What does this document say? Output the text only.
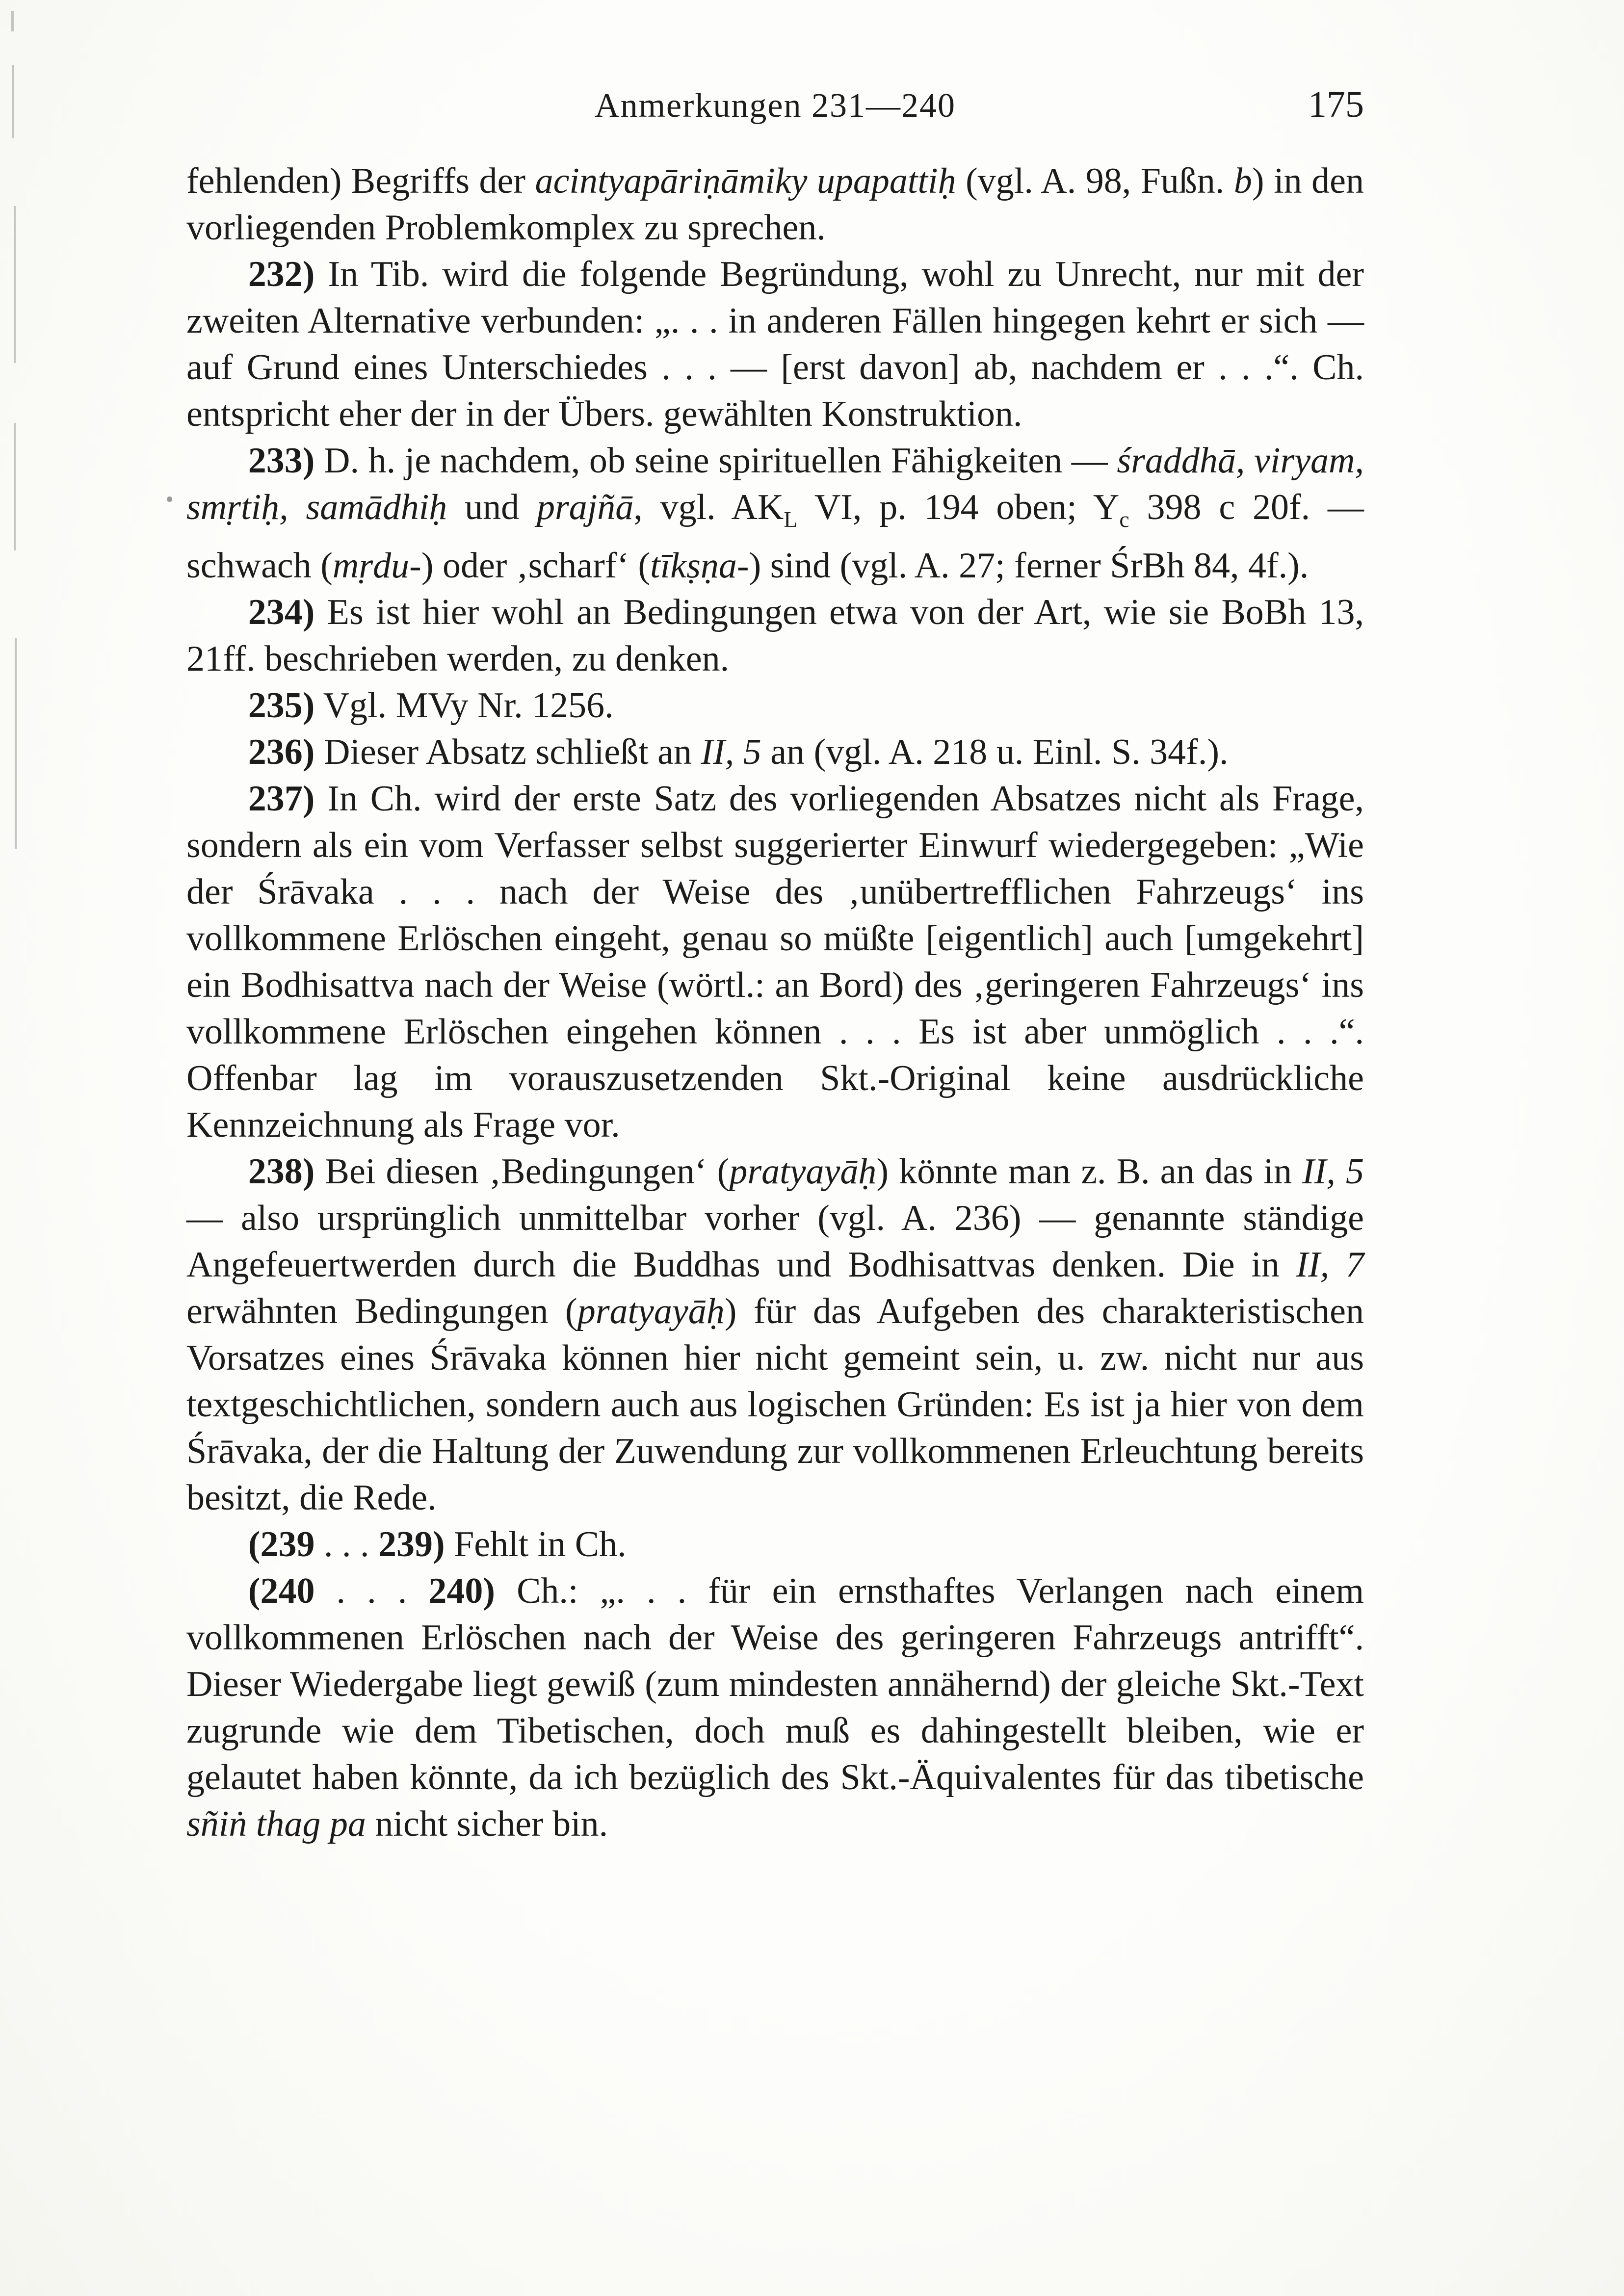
Anmerkungen 231—240	175

fehlenden) Begriffs der acintyapāriṇāmiky upapattiḥ (vgl. A. 98, Fußn. b) in den vorliegenden Problemkomplex zu sprechen.

232) In Tib. wird die folgende Begründung, wohl zu Unrecht, nur mit der zweiten Alternative verbunden: „. . . in anderen Fällen hingegen kehrt er sich — auf Grund eines Unterschiedes . . . — [erst davon] ab, nachdem er . . .“. Ch. entspricht eher der in der Übers. gewählten Konstruktion.

233) D. h. je nachdem, ob seine spirituellen Fähigkeiten — śraddhā, viryam, smṛtiḥ, samādhiḥ und prajñā, vgl. $AK_L$ VI, p. 194 oben; $Y_c$ 398 c 20f. — schwach (mṛdu-) oder ‚scharf‘ (tīkṣṇa-) sind (vgl. A. 27; ferner ŚrBh 84, 4f.).

234) Es ist hier wohl an Bedingungen etwa von der Art, wie sie BoBh 13, 21ff. beschrieben werden, zu denken.

235) Vgl. MVy Nr. 1256.

236) Dieser Absatz schließt an II, 5 an (vgl. A. 218 u. Einl. S. 34f.).

237) In Ch. wird der erste Satz des vorliegenden Absatzes nicht als Frage, sondern als ein vom Verfasser selbst suggerierter Einwurf wiedergegeben: „Wie der Śrāvaka . . . nach der Weise des ‚unübertrefflichen Fahrzeugs‘ ins vollkommene Erlöschen eingeht, genau so müßte [eigentlich] auch [umgekehrt] ein Bodhisattva nach der Weise (wörtl.: an Bord) des ‚geringeren Fahrzeugs‘ ins vollkommene Erlöschen eingehen können . . . Es ist aber unmöglich . . .“. Offenbar lag im vorauszusetzenden Skt.-Original keine ausdrückliche Kennzeichnung als Frage vor.

238) Bei diesen ‚Bedingungen‘ (pratyayāḥ) könnte man z. B. an das in II, 5 — also ursprünglich unmittelbar vorher (vgl. A. 236) — genannte ständige Angefeuertwerden durch die Buddhas und Bodhisattvas denken. Die in II, 7 erwähnten Bedingungen (pratyayāḥ) für das Aufgeben des charakteristischen Vorsatzes eines Śrāvaka können hier nicht gemeint sein, u. zw. nicht nur aus textgeschichtlichen, sondern auch aus logischen Gründen: Es ist ja hier von dem Śrāvaka, der die Haltung der Zuwendung zur vollkommenen Erleuchtung bereits besitzt, die Rede.

(239 . . . 239) Fehlt in Ch.

(240 . . . 240) Ch.: „. . . für ein ernsthaftes Verlangen nach einem vollkommenen Erlöschen nach der Weise des geringeren Fahrzeugs antrifft“. Dieser Wiedergabe liegt gewiß (zum mindesten annähernd) der gleiche Skt.-Text zugrunde wie dem Tibetischen, doch muß es dahingestellt bleiben, wie er gelautet haben könnte, da ich bezüglich des Skt.-Äquivalentes für das tibetische sñiṅ thag pa nicht sicher bin.
